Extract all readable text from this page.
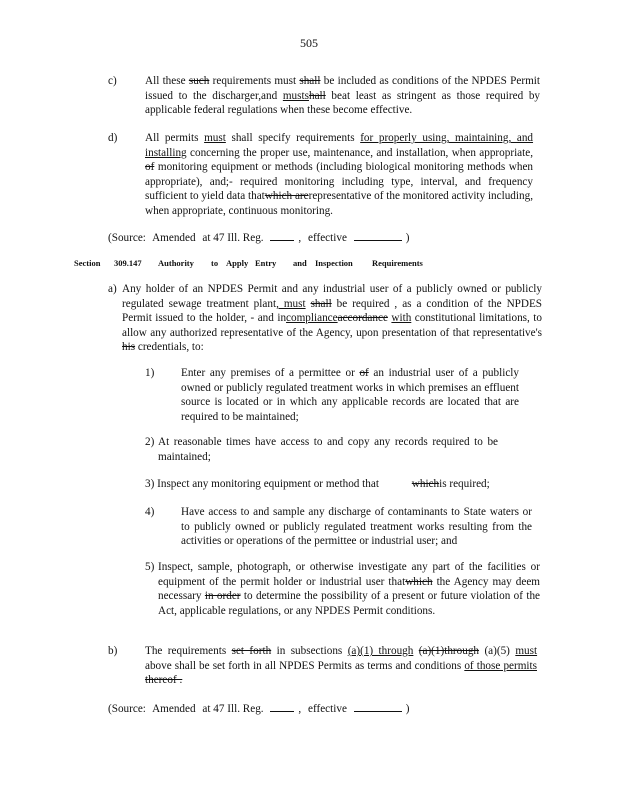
505
c)	All these such requirements must shall be included as conditions of the NPDES Permit issued to the discharger,and mustshall beat least as stringent as those required by applicable federal regulations when these become effective.
d) All permits must shall specify requirements for properly using, maintaining, and installing concerning the proper use, maintenance, and installation, when appropriate, of monitoring equipment or methods (including biological monitoring methods when appropriate), and;- required monitoring including type, interval, and frequency sufficient to yield data thatwhich arerepresentative of the monitored activity including, when appropriate, continuous monitoring.
(Source: Amended at 47 Ill. Reg.	, effective	)
Section 309.147 Authority to Apply Entry and Inspection Requirements
a) Any holder of an NPDES Permit and any industrial user of a publicly owned or publicly regulated sewage treatment plant, must shall be required , as a condition of the NPDES Permit issued to the holder, - and incomplianceaccordance with constitutional limitations, to allow any authorized representative of the Agency, upon presentation of that representative's his credentials, to:
1) Enter any premises of a permittee or of an industrial user of a publicly owned or publicly regulated treatment works in which premises an effluent source is located or in which any applicable records are located that are required to be maintained;
2) At reasonable times have access to and copy any records required to be maintained;
3) Inspect any monitoring equipment or method that	whichis required;
4) Have access to and sample any discharge of contaminants to State waters or to publicly owned or publicly regulated treatment works resulting from the activities or operations of the permittee or industrial user; and
5) Inspect, sample, photograph, or otherwise investigate any part of the facilities or equipment of the permit holder or industrial user thatwhich the Agency may deem necessary in order to determine the possibility of a present or future violation of the Act, applicable regulations, or any NPDES Permit conditions.
b) The requirements set forth in subsections (a)(1) through (a)(1)through (a)(5) must above shall be set forth in all NPDES Permits as terms and conditions of those permits thereof .
(Source: Amended at 47 Ill. Reg.	, effective	)
